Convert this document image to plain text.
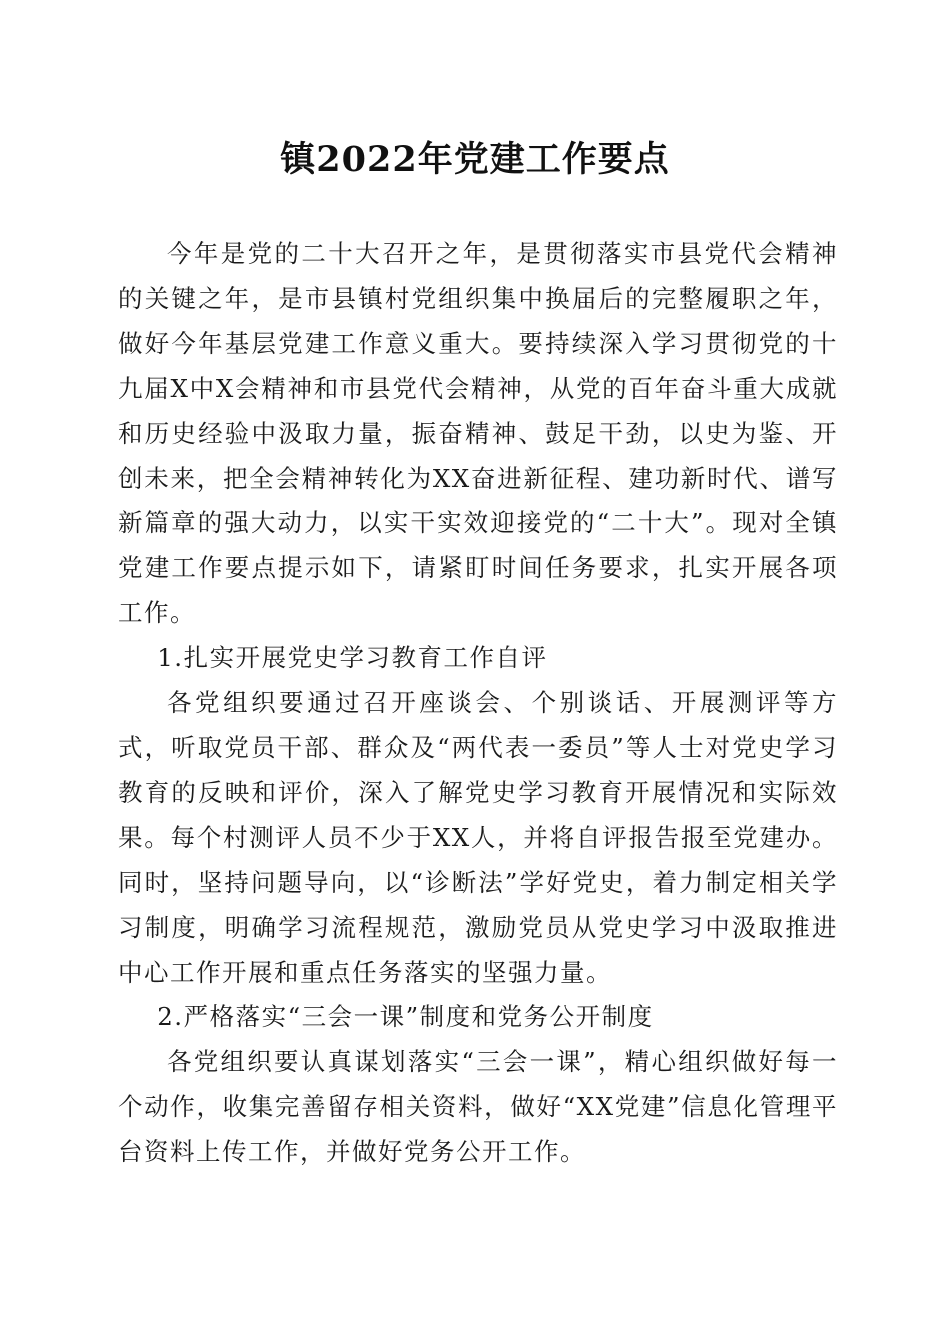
镇2022年党建工作要点

今年是党的二十大召开之年，是贯彻落实市县党代会精神的关键之年，是市县镇村党组织集中换届后的完整履职之年，做好今年基层党建工作意义重大。要持续深入学习贯彻党的十九届X中X会精神和市县党代会精神，从党的百年奋斗重大成就和历史经验中汲取力量，振奋精神、鼓足干劲，以史为鉴、开创未来，把全会精神转化为XX奋进新征程、建功新时代、谱写新篇章的强大动力，以实干实效迎接党的“二十大”。现对全镇党建工作要点提示如下，请紧盯时间任务要求，扎实开展各项工作。

1.扎实开展党史学习教育工作自评

各党组织要通过召开座谈会、个别谈话、开展测评等方式，听取党员干部、群众及“两代表一委员”等人士对党史学习教育的反映和评价，深入了解党史学习教育开展情况和实际效果。每个村测评人员不少于XX人，并将自评报告报至党建办。同时，坚持问题导向，以“诊断法”学好党史，着力制定相关学习制度，明确学习流程规范，激励党员从党史学习中汲取推进中心工作开展和重点任务落实的坚强力量。

2.严格落实“三会一课”制度和党务公开制度

各党组织要认真谋划落实“三会一课”，精心组织做好每一个动作，收集完善留存相关资料，做好“XX党建”信息化管理平台资料上传工作，并做好党务公开工作。
